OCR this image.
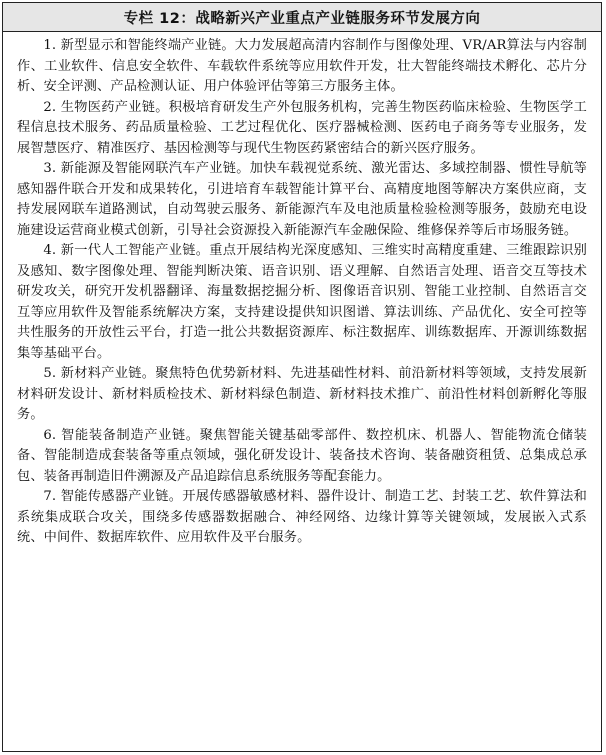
专栏 12：战略新兴产业重点产业链服务环节发展方向

1. 新型显示和智能终端产业链。大力发展超高清内容制作与图像处理、VR/AR算法与内容制作、工业软件、信息安全软件、车载软件系统等应用软件开发，壮大智能终端技术孵化、芯片分析、安全评测、产品检测认证、用户体验评估等第三方服务主体。

2. 生物医药产业链。积极培育研发生产外包服务机构，完善生物医药临床检验、生物医学工程信息技术服务、药品质量检验、工艺过程优化、医疗器械检测、医药电子商务等专业服务，发展智慧医疗、精准医疗、基因检测等与现代生物医药紧密结合的新兴医疗服务。

3. 新能源及智能网联汽车产业链。加快车载视觉系统、激光雷达、多域控制器、惯性导航等感知器件联合开发和成果转化，引进培育车载智能计算平台、高精度地图等解决方案供应商，支持发展网联车道路测试，自动驾驶云服务、新能源汽车及电池质量检验检测等服务，鼓励充电设施建设运营商业模式创新，引导社会资源投入新能源汽车金融保险、维修保养等后市场服务链。

4. 新一代人工智能产业链。重点开展结构光深度感知、三维实时高精度重建、三维跟踪识别及感知、数字图像处理、智能判断决策、语音识别、语义理解、自然语言处理、语音交互等技术研发攻关，研究开发机器翻译、海量数据挖掘分析、图像语音识别、智能工业控制、自然语言交互等应用软件及智能系统解决方案，支持建设提供知识图谱、算法训练、产品优化、安全可控等共性服务的开放性云平台，打造一批公共数据资源库、标注数据库、训练数据库、开源训练数据集等基础平台。

5. 新材料产业链。聚焦特色优势新材料、先进基础性材料、前沿新材料等领域，支持发展新材料研发设计、新材料质检技术、新材料绿色制造、新材料技术推广、前沿性材料创新孵化等服务。

6. 智能装备制造产业链。聚焦智能关键基础零部件、数控机床、机器人、智能物流仓储装备、智能制造成套装备等重点领域，强化研发设计、装备技术咨询、装备融资租赁、总集成总承包、装备再制造旧件溯源及产品追踪信息系统服务等配套能力。

7. 智能传感器产业链。开展传感器敏感材料、器件设计、制造工艺、封装工艺、软件算法和系统集成联合攻关，围绕多传感器数据融合、神经网络、边缘计算等关键领域，发展嵌入式系统、中间件、数据库软件、应用软件及平台服务。
